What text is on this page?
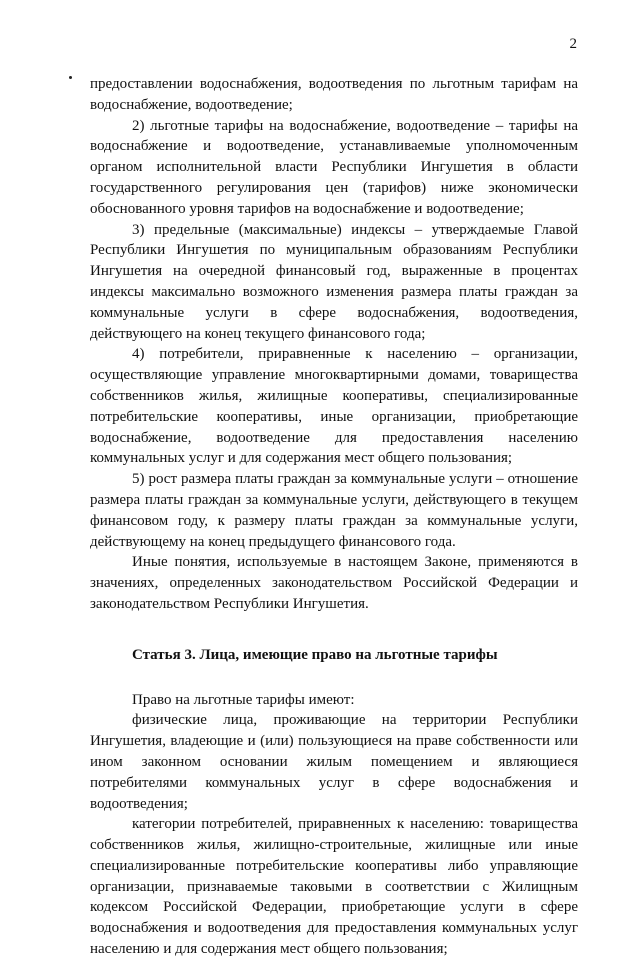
2

предоставлении водоснабжения, водоотведения по льготным тарифам на водоснабжение, водоотведение;

2) льготные тарифы на водоснабжение, водоотведение – тарифы на водоснабжение и водоотведение, устанавливаемые уполномоченным органом исполнительной власти Республики Ингушетия в области государственного регулирования цен (тарифов) ниже экономически обоснованного уровня тарифов на водоснабжение и водоотведение;

3) предельные (максимальные) индексы – утверждаемые Главой Республики Ингушетия по муниципальным образованиям Республики Ингушетия на очередной финансовый год, выраженные в процентах индексы максимально возможного изменения размера платы граждан за коммунальные услуги в сфере водоснабжения, водоотведения, действующего на конец текущего финансового года;

4) потребители, приравненные к населению – организации, осуществляющие управление многоквартирными домами, товарищества собственников жилья, жилищные кооперативы, специализированные потребительские кооперативы, иные организации, приобретающие водоснабжение, водоотведение для предоставления населению коммунальных услуг и для содержания мест общего пользования;

5) рост размера платы граждан за коммунальные услуги – отношение размера платы граждан за коммунальные услуги, действующего в текущем финансовом году, к размеру платы граждан за коммунальные услуги, действующему на конец предыдущего финансового года.

Иные понятия, используемые в настоящем Законе, применяются в значениях, определенных законодательством Российской Федерации и законодательством Республики Ингушетия.

Статья 3. Лица, имеющие право на льготные тарифы

Право на льготные тарифы имеют:

физические лица, проживающие на территории Республики Ингушетия, владеющие и (или) пользующиеся на праве собственности или ином законном основании жилым помещением и являющиеся потребителями коммунальных услуг в сфере водоснабжения и водоотведения;

категории потребителей, приравненных к населению: товарищества собственников жилья, жилищно-строительные, жилищные или иные специализированные потребительские кооперативы либо управляющие организации, признаваемые таковыми в соответствии с Жилищным кодексом Российской Федерации, приобретающие услуги в сфере водоснабжения и водоотведения для предоставления коммунальных услуг населению и для содержания мест общего пользования;
